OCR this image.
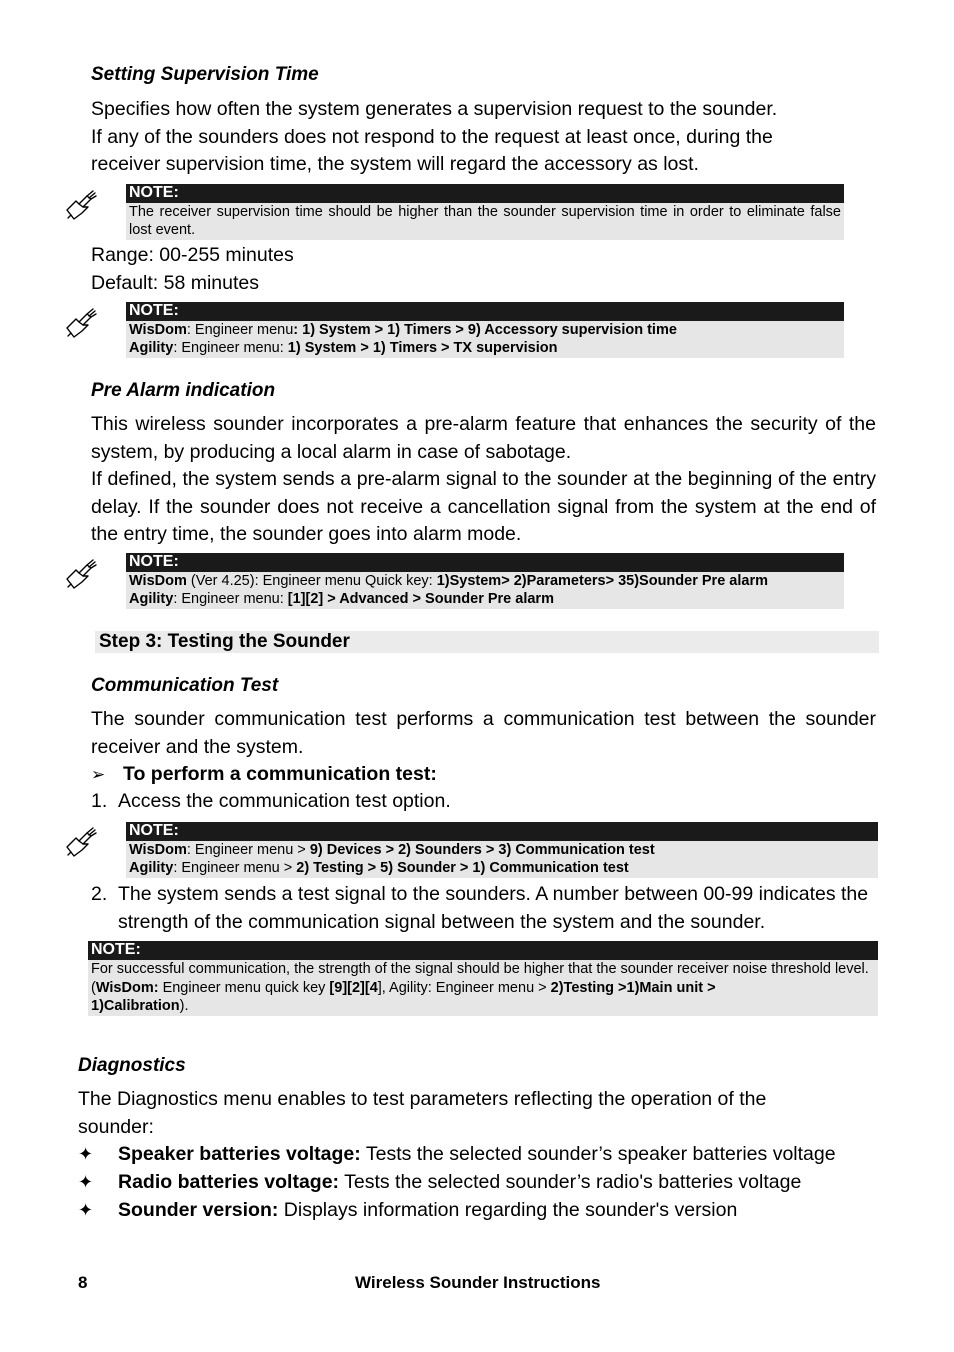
Setting Supervision Time
Specifies how often the system generates a supervision request to the sounder.
If any of the sounders does not respond to the request at least once, during the
receiver supervision time, the system will regard the accessory as lost.
NOTE:
The receiver supervision time should be higher than the sounder supervision time in order to eliminate false lost event.
Range: 00-255 minutes
Default: 58 minutes
NOTE:
WisDom: Engineer menu: 1) System > 1) Timers > 9) Accessory supervision time
Agility: Engineer menu: 1) System > 1) Timers > TX supervision
Pre Alarm indication
This wireless sounder incorporates a pre-alarm feature that enhances the security of the system, by producing a local alarm in case of sabotage.
If defined, the system sends a pre-alarm signal to the sounder at the beginning of the entry delay. If the sounder does not receive a cancellation signal from the system at the end of the entry time, the sounder goes into alarm mode.
NOTE:
WisDom (Ver 4.25): Engineer menu Quick key: 1)System> 2)Parameters> 35)Sounder Pre alarm
Agility: Engineer menu: [1][2] > Advanced > Sounder Pre alarm
Step 3: Testing the Sounder
Communication Test
The sounder communication test performs a communication test between the sounder receiver and the system.
➢ To perform a communication test:
1. Access the communication test option.
NOTE:
WisDom: Engineer menu > 9) Devices > 2) Sounders > 3) Communication test
Agility: Engineer menu > 2) Testing > 5) Sounder > 1) Communication test
2. The system sends a test signal to the sounders. A number between 00-99 indicates the strength of the communication signal between the system and the sounder.
NOTE:
For successful communication, the strength of the signal should be higher that the sounder receiver noise threshold level.
(WisDom: Engineer menu quick key [9][2][4], Agility: Engineer menu > 2)Testing >1)Main unit >
1)Calibration).
Diagnostics
The Diagnostics menu enables to test parameters reflecting the operation of the
sounder:
✦ Speaker batteries voltage: Tests the selected sounder’s speaker batteries voltage
✦ Radio batteries voltage: Tests the selected sounder’s radio's batteries voltage
✦ Sounder version: Displays information regarding the sounder's version
8	Wireless Sounder Instructions
